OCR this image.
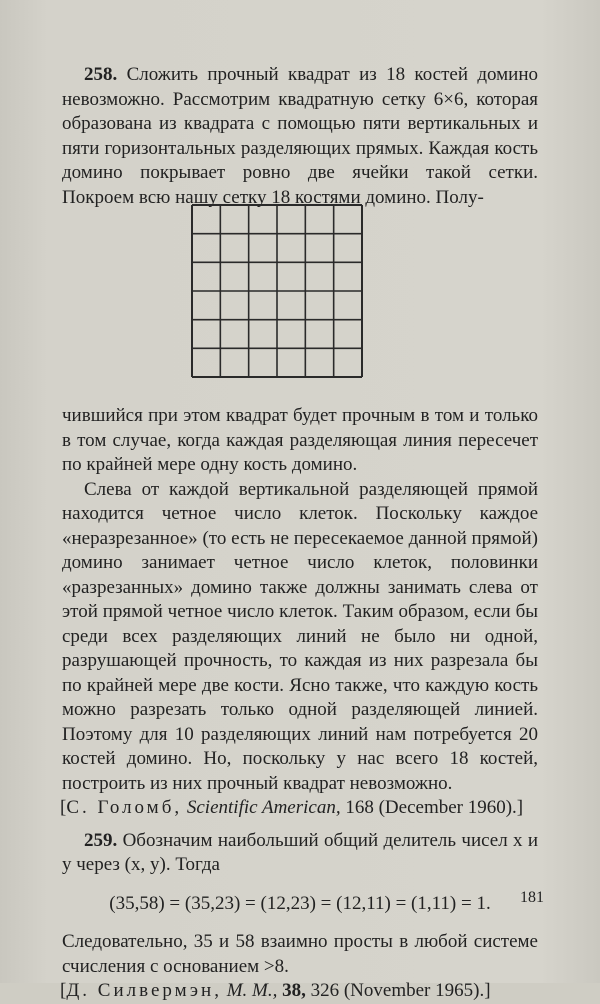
258. Сложить прочный квадрат из 18 костей домино невозможно. Рассмотрим квадратную сетку 6×6, которая образована из квадрата с помощью пяти вертикальных и пяти горизонтальных разделяющих прямых. Каждая кость домино покрывает ровно две ячейки такой сетки. Покроем всю нашу сетку 18 костями домино. Полу-

чившийся при этом квадрат будет прочным в том и только в том случае, когда каждая разделяющая линия пересечет по крайней мере одну кость домино.

Слева от каждой вертикальной разделяющей прямой находится четное число клеток. Поскольку каждое «неразрезанное» (то есть не пересекаемое данной прямой) домино занимает четное число клеток, половинки «разрезанных» домино также должны занимать слева от этой прямой четное число клеток. Таким образом, если бы среди всех разделяющих линий не было ни одной, разрушающей прочность, то каждая из них разрезала бы по крайней мере две кости. Ясно также, что каждую кость можно разрезать только одной разделяющей линией. Поэтому для 10 разделяющих линий нам потребуется 20 костей домино. Но, поскольку у нас всего 18 костей, построить из них прочный квадрат невозможно.

[С. Голомб, Scientific American, 168 (December 1960).]

259. Обозначим наибольший общий делитель чисел x и y через (x, y). Тогда

(35,58) = (35,23) = (12,23) = (12,11) = (1,11) = 1.

Следовательно, 35 и 58 взаимно просты в любой системе счисления с основанием >8.

[Д. Силвермэн, М. М., 38, 326 (November 1965).]

181
